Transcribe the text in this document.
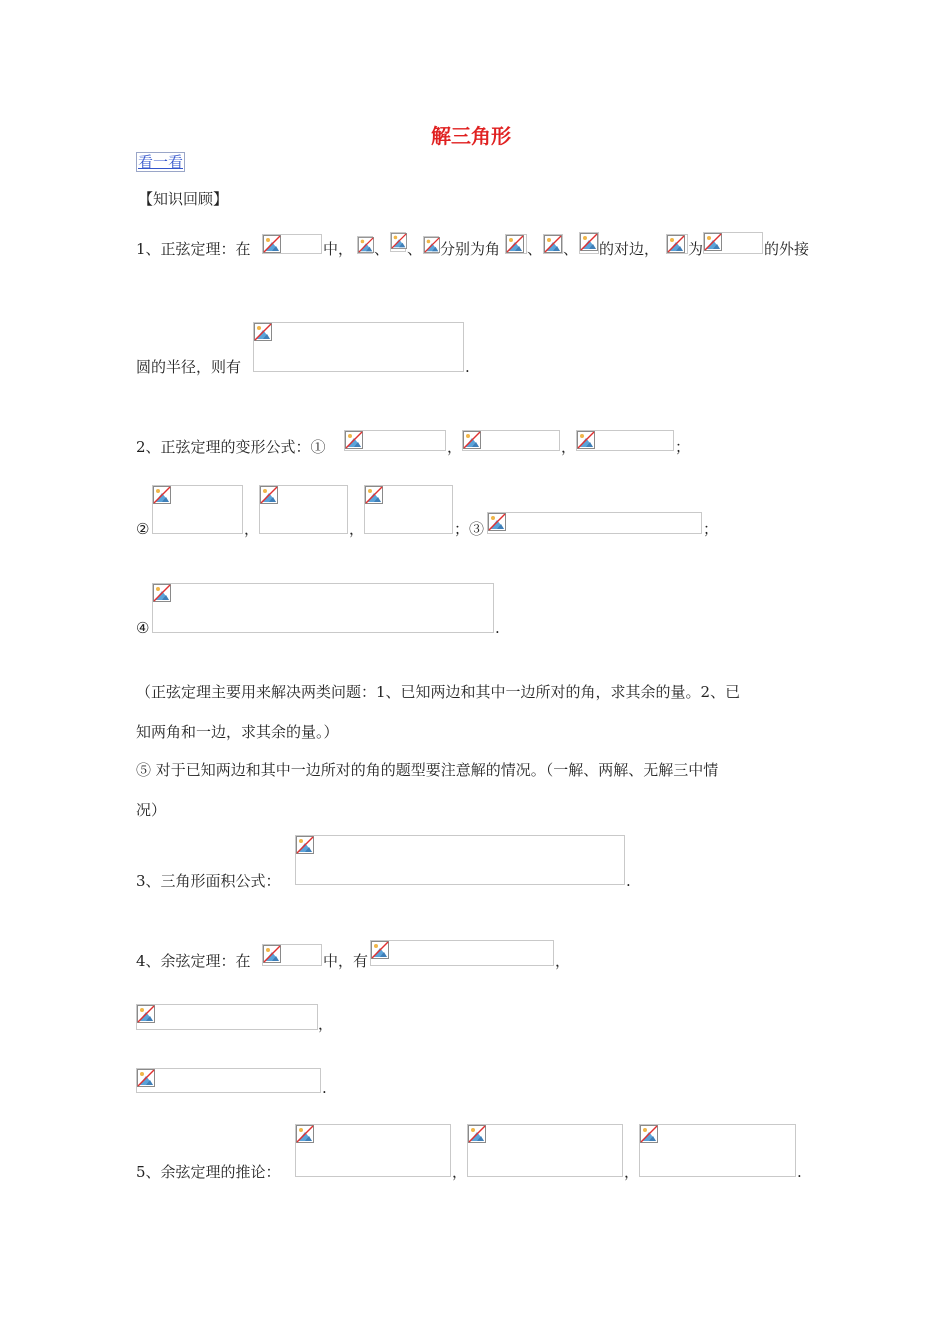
解三角形
看一看
【知识回顾】
1、正弦定理：在	中， 、 、 分别为角 、 、 的对边， 为	的外接
圆的半径，则有	.
2、正弦定理的变形公式：①	，	，	；
②	，	，	；③	；
④	.
（正弦定理主要用来解决两类问题：1、已知两边和其中一边所对的角，求其余的量。2、已
知两角和一边，求其余的量。）
⑤ 对于已知两边和其中一边所对的角的题型要注意解的情况。（一解、两解、无解三中情
况）
3、三角形面积公式：	.
4、余弦定理：在	中，有	，
，
.
5、余弦定理的推论：	，	，	.
